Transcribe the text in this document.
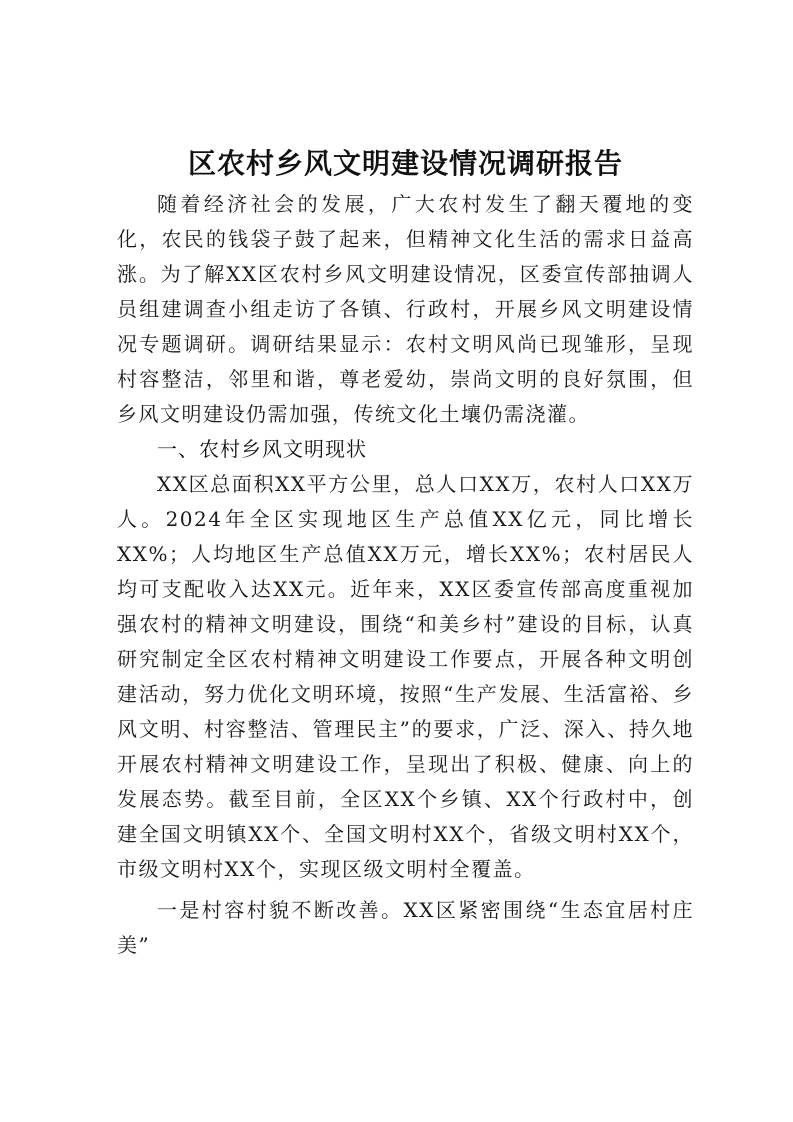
区农村乡风文明建设情况调研报告

随着经济社会的发展，广大农村发生了翻天覆地的变化，农民的钱袋子鼓了起来，但精神文化生活的需求日益高涨。为了解XX区农村乡风文明建设情况，区委宣传部抽调人员组建调查小组走访了各镇、行政村，开展乡风文明建设情况专题调研。调研结果显示：农村文明风尚已现雏形，呈现村容整洁，邻里和谐，尊老爱幼，崇尚文明的良好氛围，但乡风文明建设仍需加强，传统文化土壤仍需浇灌。

一、农村乡风文明现状

XX区总面积XX平方公里，总人口XX万，农村人口XX万人。2024年全区实现地区生产总值XX亿元，同比增长XX%；人均地区生产总值XX万元，增长XX%；农村居民人均可支配收入达XX元。近年来，XX区委宣传部高度重视加强农村的精神文明建设，围绕“和美乡村”建设的目标，认真研究制定全区农村精神文明建设工作要点，开展各种文明创建活动，努力优化文明环境，按照“生产发展、生活富裕、乡风文明、村容整洁、管理民主”的要求，广泛、深入、持久地开展农村精神文明建设工作，呈现出了积极、健康、向上的发展态势。截至目前，全区XX个乡镇、XX个行政村中，创建全国文明镇XX个、全国文明村XX个，省级文明村XX个，市级文明村XX个，实现区级文明村全覆盖。

一是村容村貌不断改善。XX区紧密围绕“生态宜居村庄美”
